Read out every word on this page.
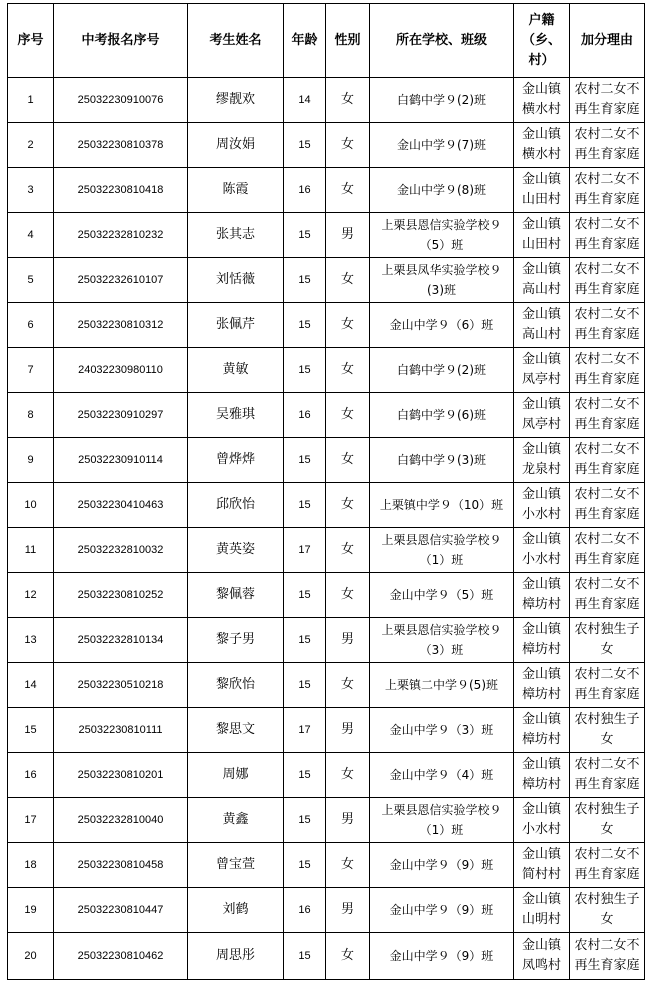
序号	中考报名序号	考生姓名	年龄	性别	所在学校、班级	户籍（乡、村）	加分理由
1	25032230910076	缪靓欢	14	女	白鹤中学９(2)班	金山镇横水村	农村二女不再生育家庭
2	25032230810378	周汝娟	15	女	金山中学９(7)班	金山镇横水村	农村二女不再生育家庭
3	25032230810418	陈霞	16	女	金山中学９(8)班	金山镇山田村	农村二女不再生育家庭
4	25032232810232	张其志	15	男	上栗县恩信实验学校９（5）班	金山镇山田村	农村二女不再生育家庭
5	25032232610107	刘恬薇	15	女	上栗县凤华实验学校９ (3)班	金山镇高山村	农村二女不再生育家庭
6	25032230810312	张佩芹	15	女	金山中学９（6）班	金山镇高山村	农村二女不再生育家庭
7	24032230980110	黄敏	15	女	白鹤中学９(2)班	金山镇凤亭村	农村二女不再生育家庭
8	25032230910297	吴雅琪	16	女	白鹤中学９(6)班	金山镇凤亭村	农村二女不再生育家庭
9	25032230910114	曾烨烨	15	女	白鹤中学９(3)班	金山镇龙泉村	农村二女不再生育家庭
10	25032230410463	邱欣怡	15	女	上栗镇中学９（10）班	金山镇小水村	农村二女不再生育家庭
11	25032232810032	黄英姿	17	女	上栗县恩信实验学校９（1）班	金山镇小水村	农村二女不再生育家庭
12	25032230810252	黎佩蓉	15	女	金山中学９（5）班	金山镇樟坊村	农村二女不再生育家庭
13	25032232810134	黎子男	15	男	上栗县恩信实验学校９（3）班	金山镇樟坊村	农村独生子女
14	25032230510218	黎欣怡	15	女	上栗镇二中学９(5)班	金山镇樟坊村	农村二女不再生育家庭
15	25032230810111	黎思文	17	男	金山中学９（3）班	金山镇樟坊村	农村独生子女
16	25032230810201	周娜	15	女	金山中学９（4）班	金山镇樟坊村	农村二女不再生育家庭
17	25032232810040	黄鑫	15	男	上栗县恩信实验学校９（1）班	金山镇小水村	农村独生子女
18	25032230810458	曾宝萱	15	女	金山中学９（9）班	金山镇简村村	农村二女不再生育家庭
19	25032230810447	刘鹤	16	男	金山中学９（9）班	金山镇山明村	农村独生子女
20	25032230810462	周思彤	15	女	金山中学９（9）班	金山镇凤鸣村	农村二女不再生育家庭
